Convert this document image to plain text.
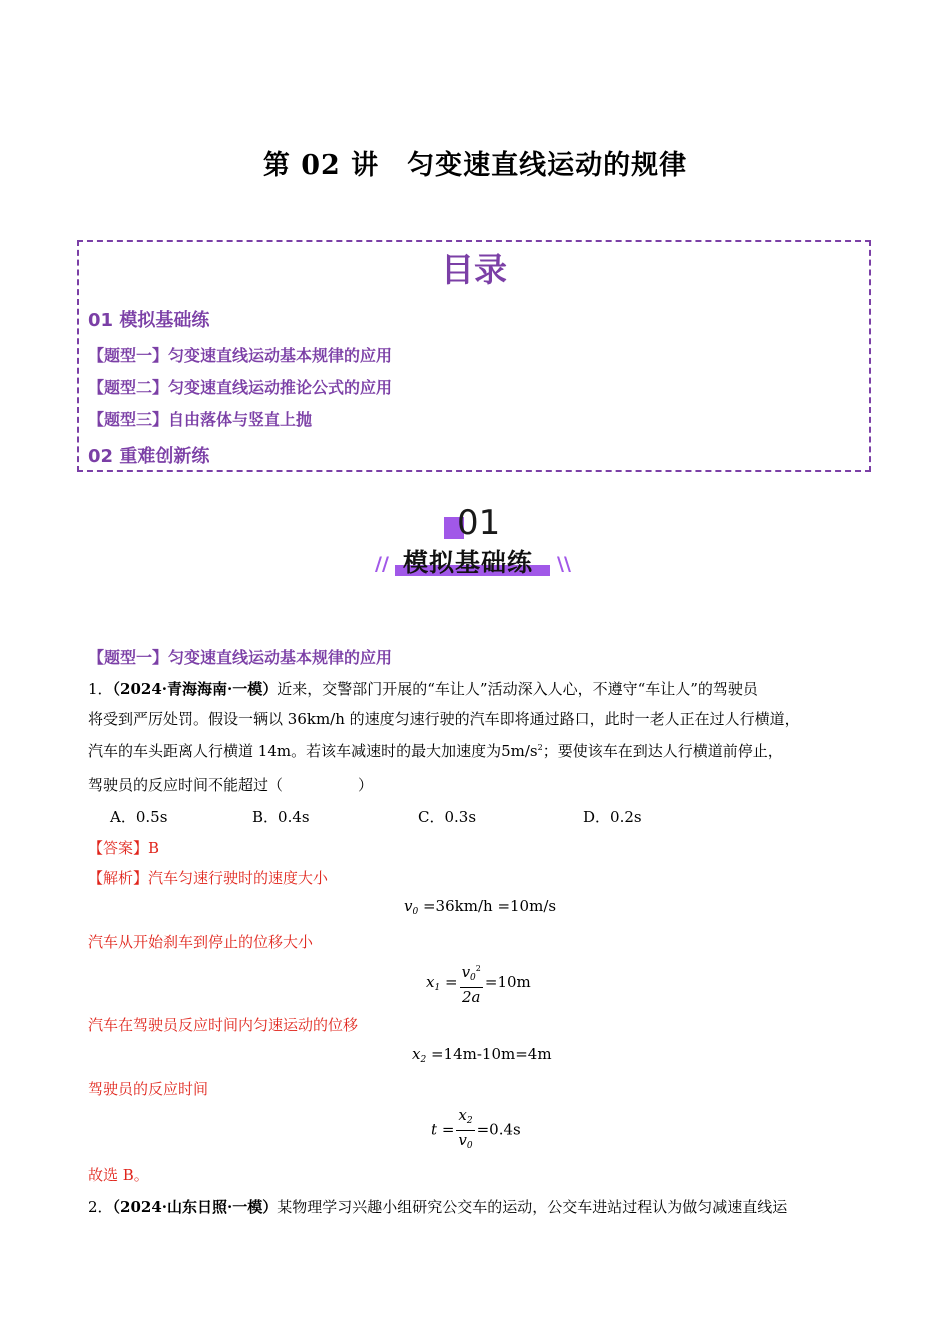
第 02 讲　匀变速直线运动的规律
目录
01 模拟基础练
【题型一】匀变速直线运动基本规律的应用
【题型二】匀变速直线运动推论公式的应用
【题型三】自由落体与竖直上抛
02 重难创新练
01
模拟基础练
//	\\
【题型一】匀变速直线运动基本规律的应用
1．（2024·青海海南·一模）近来，交警部门开展的“车让人”活动深入人心，不遵守“车让人”的驾驶员
将受到严厉处罚。假设一辆以 36km/h 的速度匀速行驶的汽车即将通过路口，此时一老人正在过人行横道，
汽车的车头距离人行横道 14m。若该车减速时的最大加速度为$5m/s^2$；要使该车在到达人行横道前停止，
驾驶员的反应时间不能超过（　　　　　）
A．0.5s	B．0.4s	C．0.3s	D．0.2s
【答案】B
【解析】汽车匀速行驶时的速度大小
$v_0 =36km/h =10m/s$
汽车从开始刹车到停止的位移大小
$x_1 = \frac{v_0^2}{2a} =10m$
汽车在驾驶员反应时间内匀速运动的位移
$x_2 =14m-10m=4m$
驾驶员的反应时间
$t = \frac{x_2}{v_0} =0.4s$
故选 B。
2．（2024·山东日照·一模）某物理学习兴趣小组研究公交车的运动，公交车进站过程认为做匀减速直线运
